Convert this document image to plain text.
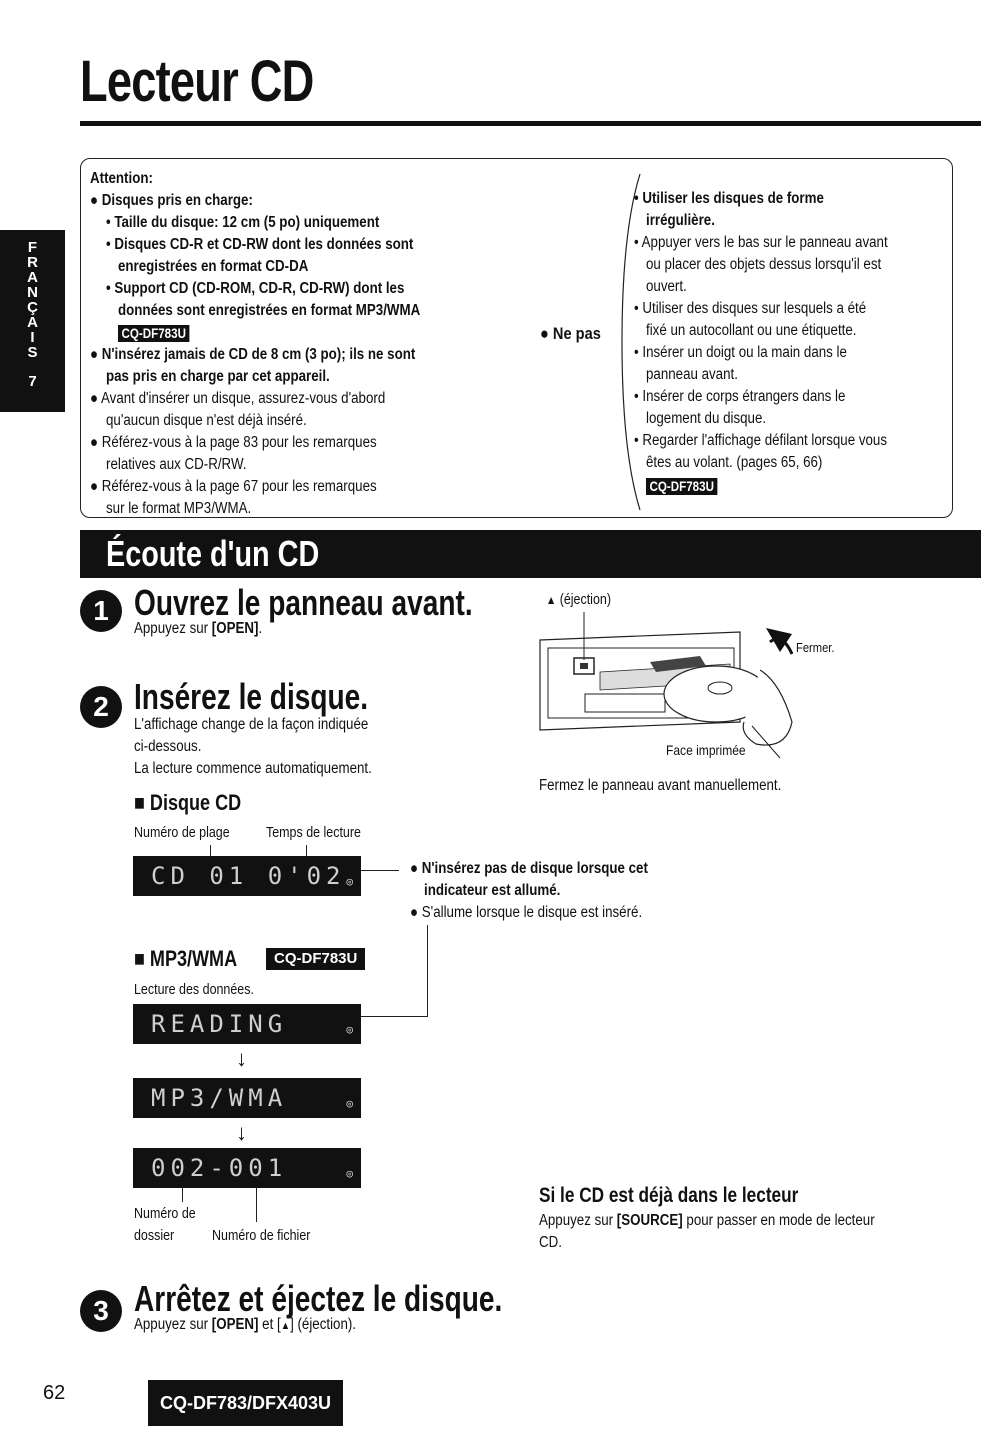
Lecteur CD
F
R
A
N
Ç
A
I
S
7
Attention:
● Disques pris en charge:
• Taille du disque: 12 cm (5 po) uniquement
• Disques CD-R et CD-RW dont les données sont
enregistrées en format CD-DA
• Support CD (CD-ROM, CD-R, CD-RW) dont les
données sont enregistrées en format MP3/WMA
CQ-DF783U
● N'insérez jamais de CD de 8 cm (3 po); ils ne sont
pas pris en charge par cet appareil.
● Avant d'insérer un disque, assurez-vous d'abord
qu'aucun disque n'est déjà inséré.
● Référez-vous à la page 83 pour les remarques
relatives aux CD-R/RW.
● Référez-vous à la page 67 pour les remarques
sur le format MP3/WMA.
● Ne pas
• Utiliser les disques de forme
irrégulière.
• Appuyer vers le bas sur le panneau avant
ou placer des objets dessus lorsqu'il est
ouvert.
• Utiliser des disques sur lesquels a été
fixé un autocollant ou une étiquette.
• Insérer un doigt ou la main dans le
panneau avant.
• Insérer de corps étrangers dans le
logement du disque.
• Regarder l'affichage défilant lorsque vous
êtes au volant. (pages 65, 66)
CQ-DF783U
Écoute d'un CD
1 Ouvrez le panneau avant.
Appuyez sur [OPEN].
2 Insérez le disque.
L'affichage change de la façon indiquée
ci-dessous.
La lecture commence automatiquement.
▲ (éjection)
Fermer.
Face imprimée
Fermez le panneau avant manuellement.
■ Disque CD
Numéro de plage	Temps de lecture
CD 01 0'02 ◎
● N'insérez pas de disque lorsque cet
indicateur est allumé.
● S'allume lorsque le disque est inséré.
■ MP3/WMA	CQ-DF783U
Lecture des données.
READING	◎
↓
MP3/WMA	◎
↓
002-001	◎
Numéro de
dossier	Numéro de fichier
Si le CD est déjà dans le lecteur
Appuyez sur [SOURCE] pour passer en mode de lecteur
CD.
3 Arrêtez et éjectez le disque.
Appuyez sur [OPEN] et [▲] (éjection).
62	CQ-DF783/DFX403U
